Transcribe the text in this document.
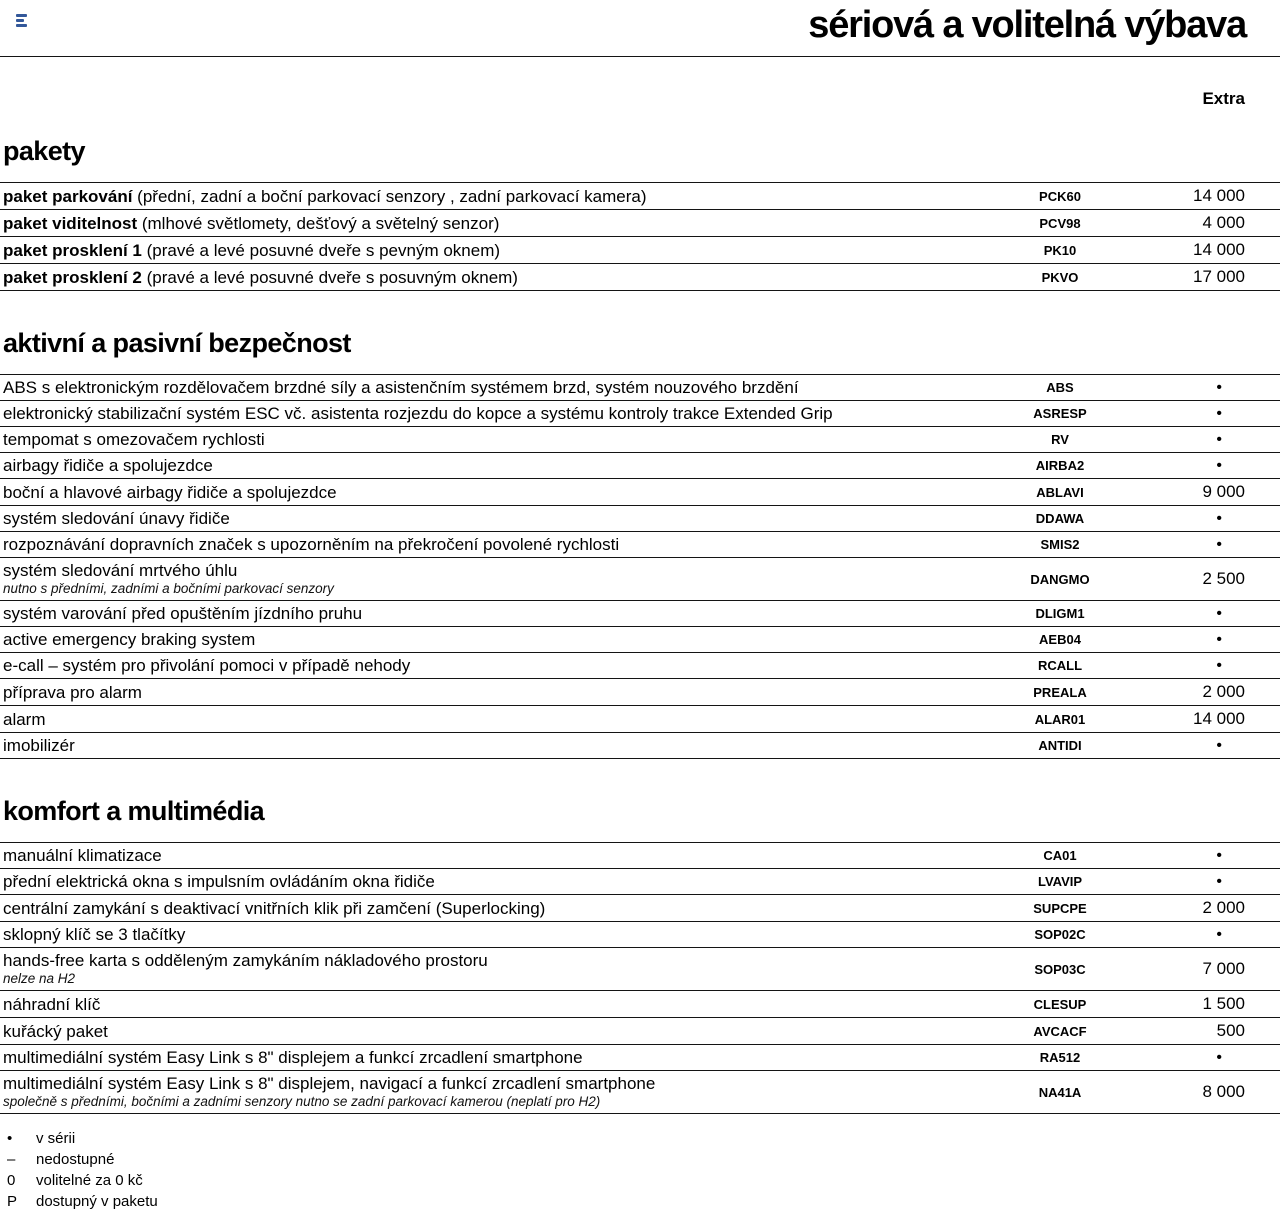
sériová a volitelná výbava
Extra
pakety
paket parkování (přední, zadní a boční parkovací senzory , zadní parkovací kamera)	PCK60	14 000
paket viditelnost (mlhové světlomety, dešťový a světelný senzor)	PCV98	4 000
paket prosklení 1 (pravé a levé posuvné dveře s pevným oknem)	PK10	14 000
paket prosklení 2 (pravé a levé posuvné dveře s posuvným oknem)	PKVO	17 000
aktivní a pasivní bezpečnost
ABS s elektronickým rozdělovačem brzdné síly a asistenčním systémem brzd, systém nouzového brzdění	ABS	•
elektronický stabilizační systém ESC vč. asistenta rozjezdu do kopce a systému kontroly trakce Extended Grip	ASRESP	•
tempomat s omezovačem rychlosti	RV	•
airbagy řidiče a spolujezdce	AIRBA2	•
boční a hlavové airbagy řidiče a spolujezdce	ABLAVI	9 000
systém sledování únavy řidiče	DDAWA	•
rozpoznávání dopravních značek s upozorněním na překročení povolené rychlosti	SMIS2	•
systém sledování mrtvého úhlu
nutno s předními, zadními a bočními parkovací senzory
DANGMO	2 500
systém varování před opuštěním jízdního pruhu	DLIGM1	•
active emergency braking system	AEB04	•
e-call – systém pro přivolání pomoci v případě nehody	RCALL	•
příprava pro alarm	PREALA	2 000
alarm	ALAR01	14 000
imobilizér	ANTIDI	•
komfort a multimédia
manuální klimatizace	CA01	•
přední elektrická okna s impulsním ovládáním okna řidiče	LVAVIP	•
centrální zamykání s deaktivací vnitřních klik při zamčení (Superlocking)	SUPCPE	2 000
sklopný klíč se 3 tlačítky	SOP02C	•
hands-free karta s odděleným zamykáním nákladového prostoru
nelze na H2
SOP03C	7 000
náhradní klíč	CLESUP	1 500
kuřácký paket	AVCACF	500
multimediální systém Easy Link s 8" displejem a funkcí zrcadlení smartphone	RA512	•
multimediální systém Easy Link s 8" displejem, navigací a funkcí zrcadlení smartphone
společně s předními, bočními a zadními senzory nutno se zadní parkovací kamerou (neplatí pro H2)
NA41A	8 000
•	v sérii
–	nedostupné
0	volitelné za 0 kč
P	dostupný v paketu
